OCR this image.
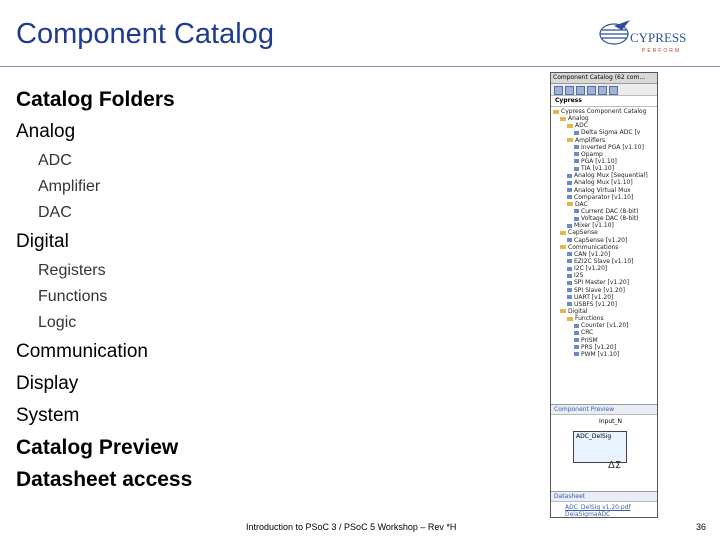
Component Catalog	CYPRESS
PERFORM
Catalog Folders
Analog
ADC
Amplifier
DAC
Digital
Registers
Functions
Logic
Communication
Display
System
Catalog Preview
Datasheet access
Component Catalog (62 com...
Cypress
Cypress Component Catalog
Analog
ADC
Delta Sigma ADC [v
Amplifiers
Inverted PGA [v1.10]
Opamp
PGA [v1.10]
TIA [v1.10]
Analog Mux [Sequential]
Analog Mux [v1.10]
Analog Virtual Mux
Comparator [v1.10]
DAC
Current DAC (8-bit)
Voltage DAC (8-bit)
Mixer [v1.10]
CapSense
CapSense [v1.20]
Communications
CAN [v1.20]
EZI2C Slave [v1.10]
I2C [v1.20]
I2S
SPI Master [v1.20]
SPI Slave [v1.20]
UART [v1.20]
USBFS [v1.20]
Digital
Functions
Counter [v1.20]
CRC
PrISM
PRS [v1.20]
PWM [v1.10]
Component Preview
Input_N
ADC_DelSig
ΔΣ
Datasheet
ADC_DelSig v1.20.pdf
DelaSigmaADC
Introduction to PSoC 3 / PSoC 5 Workshop – Rev *H	36
